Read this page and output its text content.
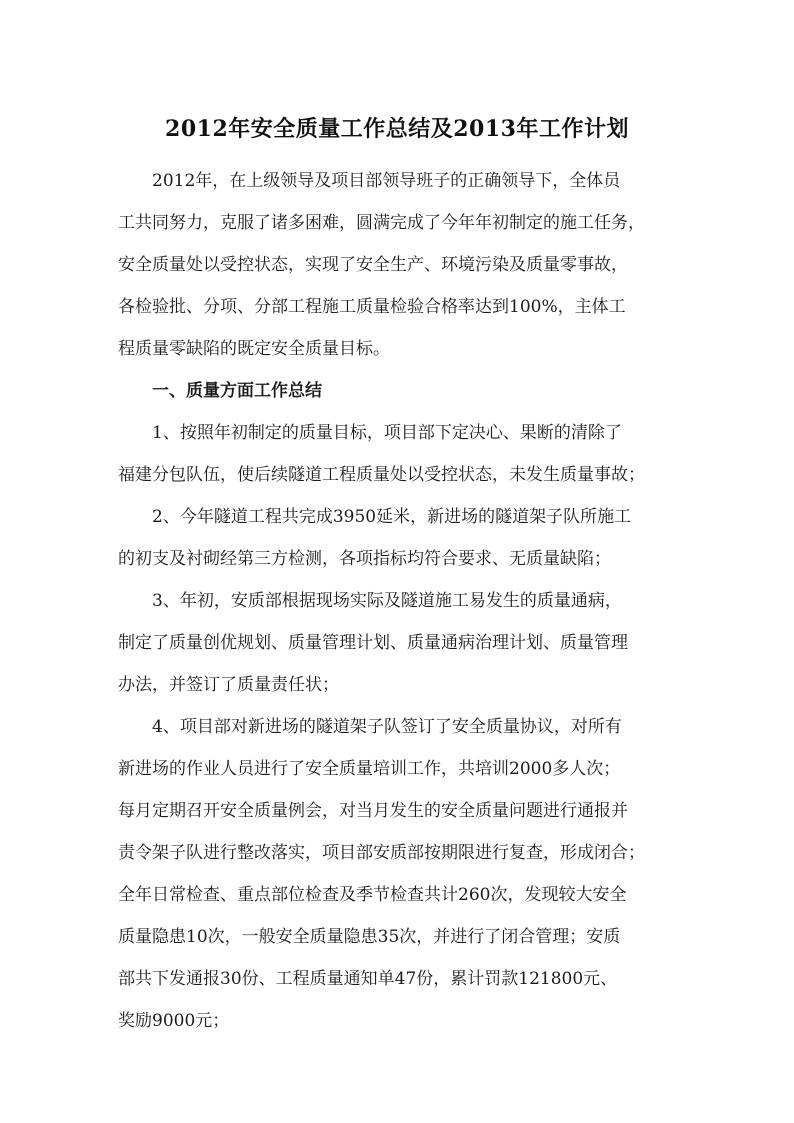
2012年安全质量工作总结及2013年工作计划
2012年，在上级领导及项目部领导班子的正确领导下，全体员
工共同努力，克服了诸多困难，圆满完成了今年年初制定的施工任务，
安全质量处以受控状态，实现了安全生产、环境污染及质量零事故，
各检验批、分项、分部工程施工质量检验合格率达到100%，主体工
程质量零缺陷的既定安全质量目标。
一、质量方面工作总结
1、按照年初制定的质量目标，项目部下定决心、果断的清除了
福建分包队伍，使后续隧道工程质量处以受控状态，未发生质量事故；
2、今年隧道工程共完成3950延米，新进场的隧道架子队所施工
的初支及衬砌经第三方检测，各项指标均符合要求、无质量缺陷；
3、年初，安质部根据现场实际及隧道施工易发生的质量通病，
制定了质量创优规划、质量管理计划、质量通病治理计划、质量管理
办法，并签订了质量责任状；
4、项目部对新进场的隧道架子队签订了安全质量协议，对所有
新进场的作业人员进行了安全质量培训工作，共培训2000多人次；
每月定期召开安全质量例会，对当月发生的安全质量问题进行通报并
责令架子队进行整改落实，项目部安质部按期限进行复查，形成闭合；
全年日常检查、重点部位检查及季节检查共计260次，发现较大安全
质量隐患10次，一般安全质量隐患35次，并进行了闭合管理；安质
部共下发通报30份、工程质量通知单47份，累计罚款121800元、
奖励9000元；
